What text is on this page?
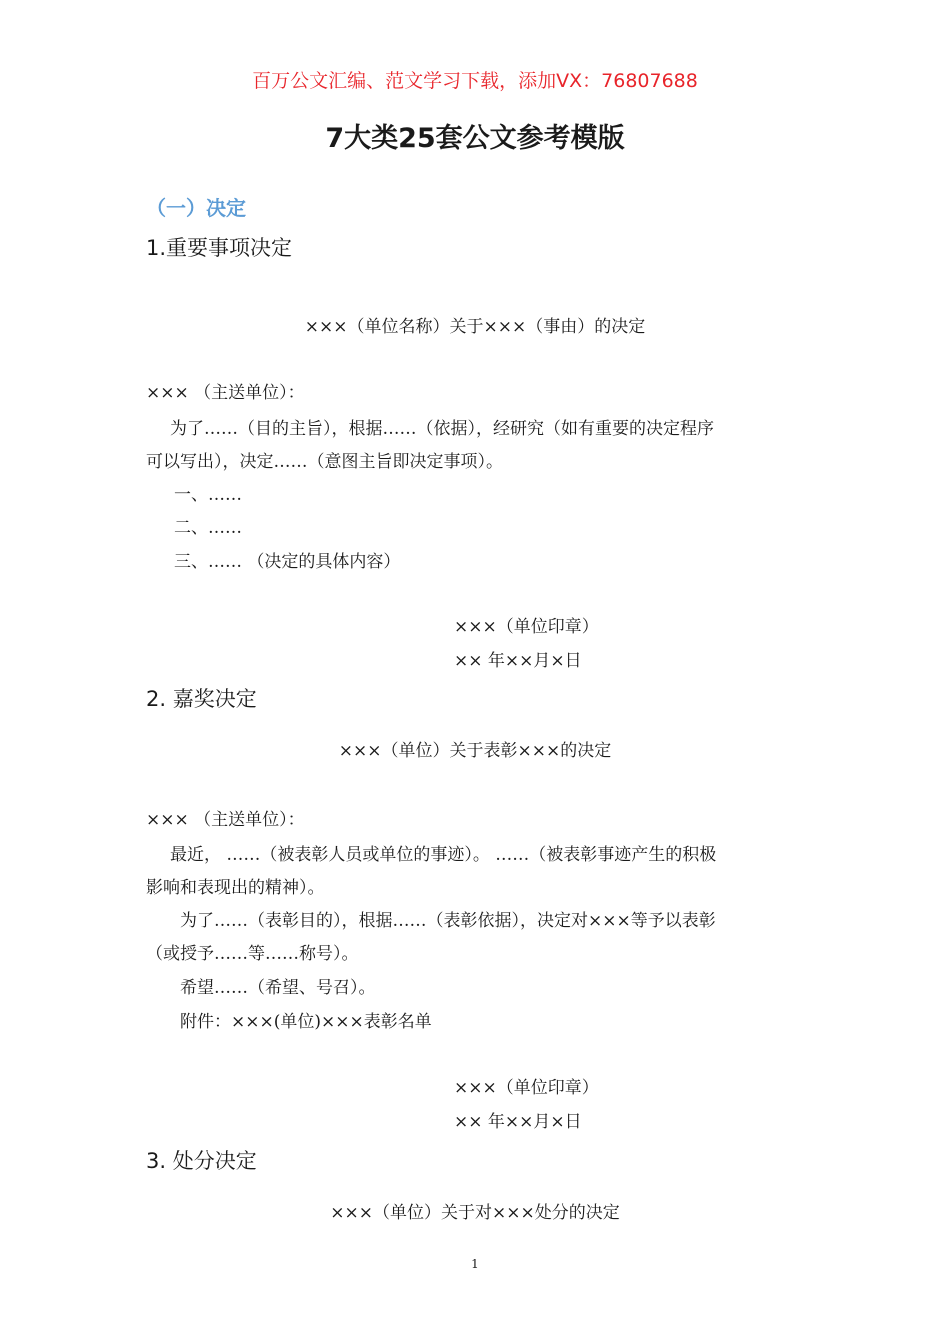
百万公文汇编、范文学习下载，添加VX：76807688
7大类25套公文参考模版
（一）决定
1.重要事项决定
×××（单位名称）关于×××（事由）的决定
××× （主送单位）：
为了……（目的主旨），根据……（依据），经研究（如有重要的决定程序
可以写出），决定……（意图主旨即决定事项）。
一、……
二、……
三、…… （决定的具体内容）
×××（单位印章）
×× 年××月×日
2. 嘉奖决定
×××（单位）关于表彰×××的决定
××× （主送单位）：
最近， ……（被表彰人员或单位的事迹）。 ……（被表彰事迹产生的积极
影响和表现出的精神）。
为了……（表彰目的），根据……（表彰依据），决定对×××等予以表彰
（或授予……等……称号）。
希望……（希望、号召）。
附件：×××(单位)×××表彰名单
×××（单位印章）
×× 年××月×日
3. 处分决定
×××（单位）关于对×××处分的决定
1
